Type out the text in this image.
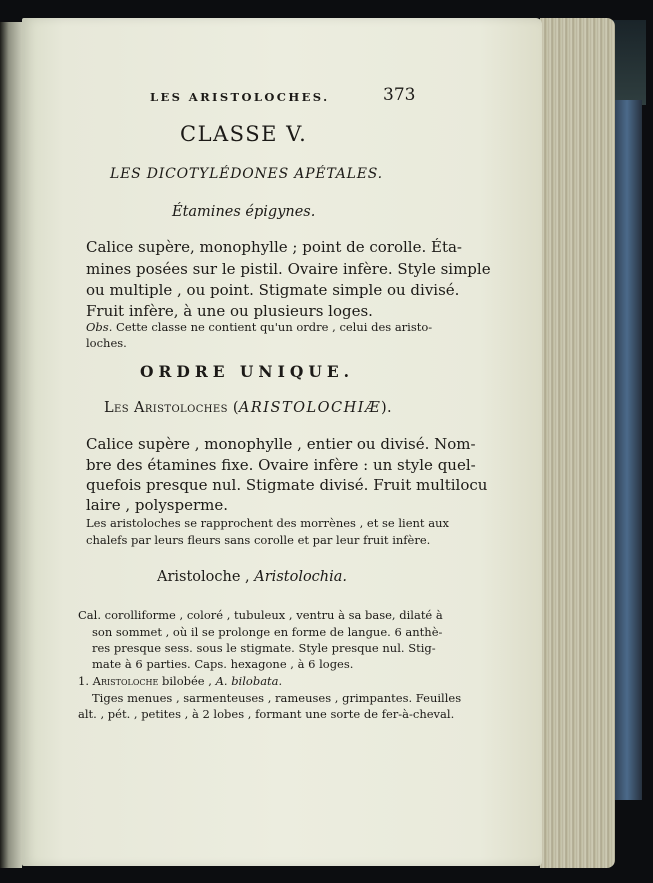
LES ARISTOLOCHES.	373
CLASSE V.
LES DICOTYLÉDONES APÉTALES.
Étamines épigynes.
Calice supère, monophylle ; point de corolle. Éta-
mines posées sur le pistil. Ovaire infère. Style simple
ou multiple , ou point. Stigmate simple ou divisé.
Fruit infère, à une ou plusieurs loges.
Obs. Cette classe ne contient qu'un ordre , celui des aristo-
loches.
ORDRE UNIQUE.
Les Aristoloches (ARISTOLOCHIÆ).
Calice supère , monophylle , entier ou divisé. Nom-
bre des étamines fixe. Ovaire infère : un style quel-
quefois presque nul. Stigmate divisé. Fruit multilocu
laire , polysperme.
Les aristoloches se rapprochent des morrènes , et se lient aux
chalefs par leurs fleurs sans corolle et par leur fruit infère.
Aristoloche , Aristolochia.
Cal. corolliforme , coloré , tubuleux , ventru à sa base, dilaté à
son sommet , où il se prolonge en forme de langue. 6 anthè-
res presque sess. sous le stigmate. Style presque nul. Stig-
mate à 6 parties. Caps. hexagone , à 6 loges.
1. Aristoloche bilobée , A. bilobata.
Tiges menues , sarmenteuses , rameuses , grimpantes. Feuilles
alt. , pét. , petites , à 2 lobes , formant une sorte de fer-à-cheval.
